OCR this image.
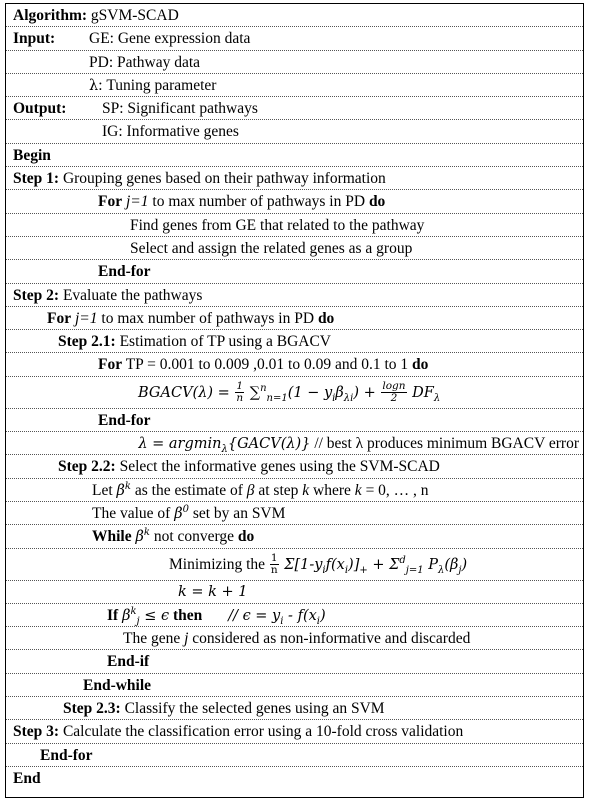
Algorithm: gSVM-SCAD
Input: GE: Gene expression data
PD: Pathway data
λ: Tuning parameter
Output: SP: Significant pathways
IG: Informative genes
Begin
Step 1: Grouping genes based on their pathway information
For j=1 to max number of pathways in PD do
Find genes from GE that related to the pathway
Select and assign the related genes as a group
End-for
Step 2: Evaluate the pathways
For j=1 to max number of pathways in PD do
Step 2.1: Estimation of TP using a BGACV
For TP = 0.001 to 0.009 ,0.01 to 0.09 and 0.1 to 1 do
BGACV(λ) = $\frac{1}{n} \sum^n_{n=1}(1 - y_i\beta_{\lambda i}) + \frac{\log n}{2} DF_\lambda$
End-for
λ = argmin$_\lambda${GACV(λ)} // best λ produces minimum BGACV error
Step 2.2: Select the informative genes using the SVM-SCAD
Let $\beta^k$ as the estimate of β at step k where k = 0, … , n
The value of $\beta^0$ set by an SVM
While $\beta^k$ not converge do
Minimizing the $\frac{1}{n} \Sigma[1-y_if(x_i)]_+ + \Sigma^d_{j=1}$ $P_\lambda(\beta_j)$
k = k + 1
If $\beta^k_j \le \epsilon$ then // $\epsilon = y_i - f(x_i)$
The gene j considered as non-informative and discarded
End-if
End-while
Step 2.3: Classify the selected genes using an SVM
Step 3: Calculate the classification error using a 10-fold cross validation
End-for
End
